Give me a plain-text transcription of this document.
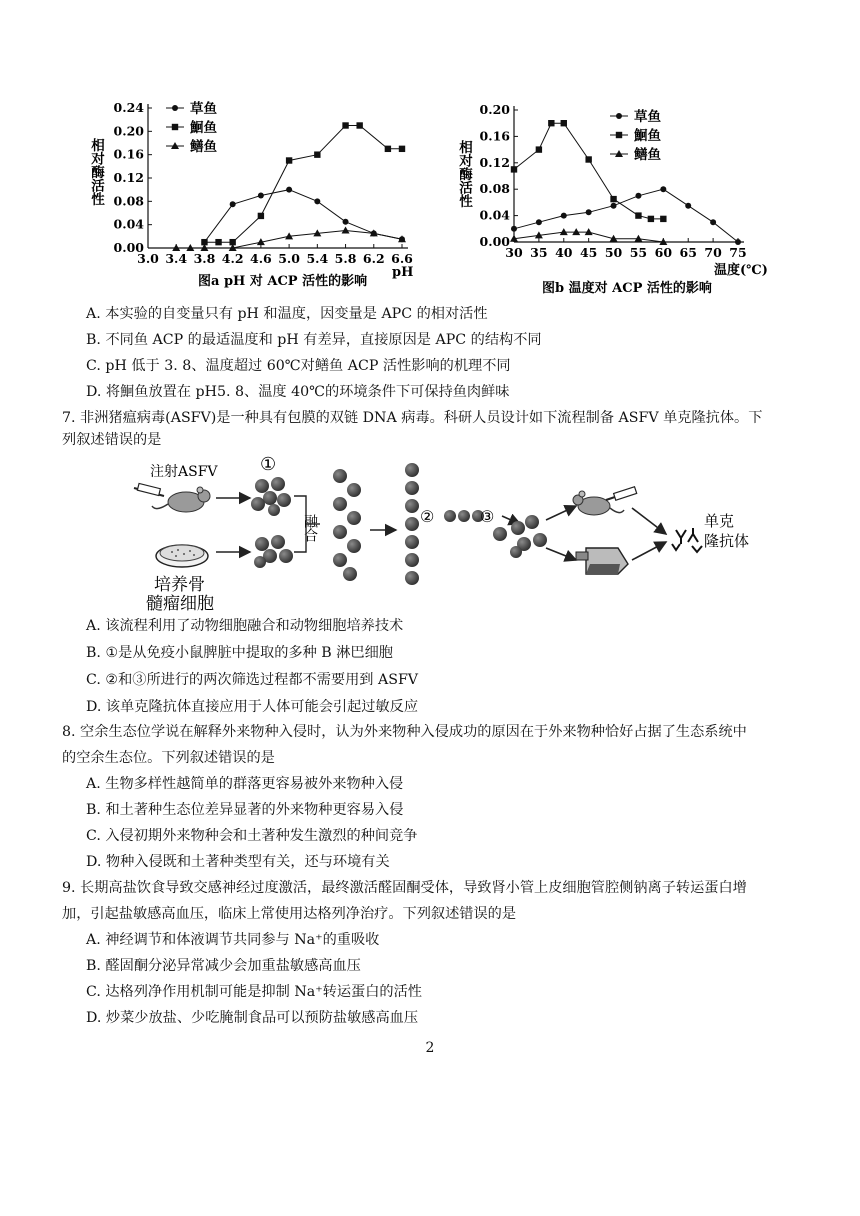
0.00
0.04
0.08
0.12
0.16
0.20
0.24
3.0 3.4 3.8 4.2 4.6 5.0 5.4 5.8 6.2 6.6
相对酶活性
pH
草鱼
鮰鱼
鳝鱼
图a pH 对 ACP 活性的影响
0.00
0.04
0.08
0.12
0.16
0.20
30 35 40 45 50 55 60 65 70 75
相对酶活性
温度(℃)
草鱼
鮰鱼
鳝鱼
图b 温度对 ACP 活性的影响
A. 本实验的自变量只有 pH 和温度，因变量是 APC 的相对活性
B. 不同鱼 ACP 的最适温度和 pH 有差异，直接原因是 APC 的结构不同
C. pH 低于 3. 8、温度超过 60℃对鳝鱼 ACP 活性影响的机理不同
D. 将鮰鱼放置在 pH5. 8、温度 40℃的环境条件下可保持鱼肉鲜味
7. 非洲猪瘟病毒(ASFV)是一种具有包膜的双链 DNA 病毒。科研人员设计如下流程制备 ASFV 单克隆抗体。下
列叙述错误的是
注射ASFV ①
培养骨
髓瘤细胞
融合	②	③	单克
隆抗体
A. 该流程利用了动物细胞融合和动物细胞培养技术
B. ①是从免疫小鼠脾脏中提取的多种 B 淋巴细胞
C. ②和③所进行的两次筛选过程都不需要用到 ASFV
D. 该单克隆抗体直接应用于人体可能会引起过敏反应
8. 空余生态位学说在解释外来物种入侵时，认为外来物种入侵成功的原因在于外来物种恰好占据了生态系统中
的空余生态位。下列叙述错误的是
A. 生物多样性越简单的群落更容易被外来物种入侵
B. 和土著种生态位差异显著的外来物种更容易入侵
C. 入侵初期外来物种会和土著种发生激烈的种间竞争
D. 物种入侵既和土著种类型有关，还与环境有关
9. 长期高盐饮食导致交感神经过度激活，最终激活醛固酮受体，导致肾小管上皮细胞管腔侧钠离子转运蛋白增
加，引起盐敏感高血压，临床上常使用达格列净治疗。下列叙述错误的是
A. 神经调节和体液调节共同参与 Na⁺的重吸收
B. 醛固酮分泌异常减少会加重盐敏感高血压
C. 达格列净作用机制可能是抑制 Na⁺转运蛋白的活性
D. 炒菜少放盐、少吃腌制食品可以预防盐敏感高血压
2
